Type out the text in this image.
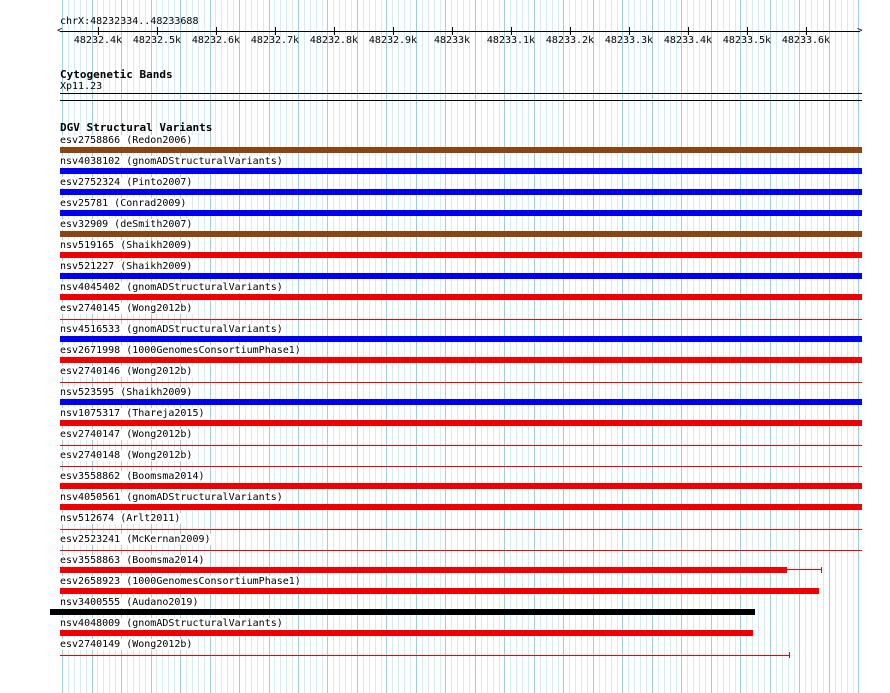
chrX:48232334..48233688
<	>
48232.4k 48232.5k 48232.6k 48232.7k 48232.8k 48232.9k 48233k 48233.1k 48233.2k 48233.3k 48233.4k 48233.5k 48233.6k
Cytogenetic Bands
Xp11.23
DGV Structural Variants
esv2758866 (Redon2006)
nsv4038102 (gnomADStructuralVariants)
esv2752324 (Pinto2007)
esv25781 (Conrad2009)
esv32909 (deSmith2007)
nsv519165 (Shaikh2009)
nsv521227 (Shaikh2009)
nsv4045402 (gnomADStructuralVariants)
esv2740145 (Wong2012b)
nsv4516533 (gnomADStructuralVariants)
esv2671998 (1000GenomesConsortiumPhase1)
esv2740146 (Wong2012b)
nsv523595 (Shaikh2009)
nsv1075317 (Thareja2015)
esv2740147 (Wong2012b)
esv2740148 (Wong2012b)
esv3558862 (Boomsma2014)
nsv4050561 (gnomADStructuralVariants)
nsv512674 (Arlt2011)
esv2523241 (McKernan2009)
esv3558863 (Boomsma2014)
esv2658923 (1000GenomesConsortiumPhase1)
nsv3400555 (Audano2019)
nsv4048009 (gnomADStructuralVariants)
esv2740149 (Wong2012b)
